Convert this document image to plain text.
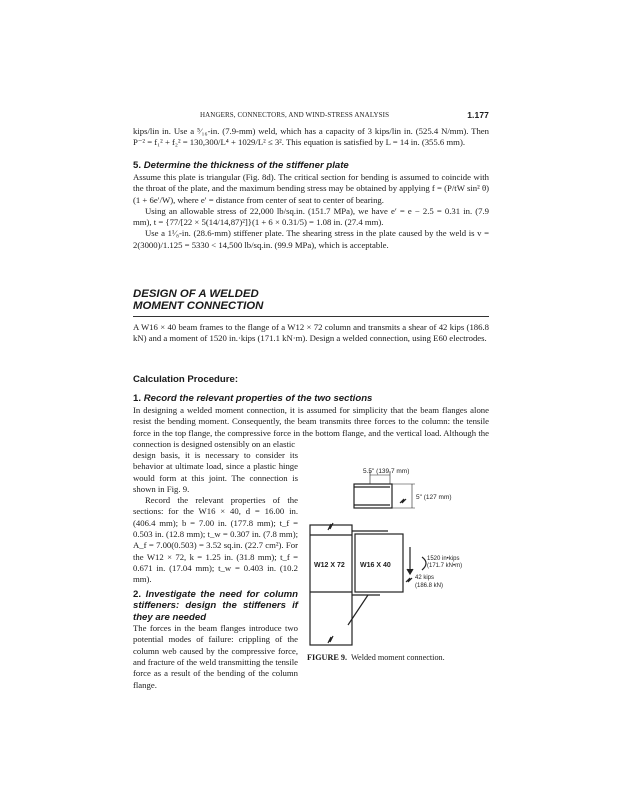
HANGERS, CONNECTORS, AND WIND-STRESS ANALYSIS	1.177
kips/lin in. Use a ⁵⁄₁₆-in. (7.9-mm) weld, which has a capacity of 3 kips/lin in. (525.4 N/mm). Then P⁻² = f₁² + f₂² = 130,300/L⁴ + 1029/L² ≤ 3². This equation is satisfied by L = 14 in. (355.6 mm).
5. Determine the thickness of the stiffener plate

Assume this plate is triangular (Fig. 8d). The critical section for bending is assumed to coincide with the throat of the plate, and the maximum bending stress may be obtained by applying f = (P/tW sin² θ)(1 + 6e′/W), where e′ = distance from center of seat to center of bearing.

Using an allowable stress of 22,000 lb/sq.in. (151.7 MPa), we have e′ = e − 2.5 = 0.31 in. (7.9 mm), t = {77/[22 × 5(14/14,87)²]}(1 + 6 × 0.31/5) = 1.08 in. (27.4 mm).

Use a 1¹⁄₈-in. (28.6-mm) stiffener plate. The shearing stress in the plate caused by the weld is v = 2(3000)/1.125 = 5330 < 14,500 lb/sq.in. (99.9 MPa), which is acceptable.

DESIGN OF A WELDED
MOMENT CONNECTION
A W16 × 40 beam frames to the flange of a W12 × 72 column and transmits a shear of 42 kips (186.8 kN) and a moment of 1520 in.·kips (171.1 kN·m). Design a welded connection, using E60 electrodes.
Calculation Procedure:
1. Record the relevant properties of the two sections
In designing a welded moment connection, it is assumed for simplicity that the beam flanges alone resist the bending moment. Consequently, the beam transmits three forces to the column: the tensile force in the top flange, the compressive force in the bottom flange, and the vertical load. Although the connection is designed ostensibly on an elastic

design basis, it is necessary to consider its behavior at ultimate load, since a plastic hinge would form at this joint. The connection is shown in Fig. 9.

Record the relevant properties of the sections: for the W16 × 40, d = 16.00 in. (406.4 mm); b = 7.00 in. (177.8 mm); t_f = 0.503 in. (12.8 mm); t_w = 0.307 in. (7.8 mm); A_f = 7.00(0.503) = 3.52 sq.in. (22.7 cm²). For the W12 × 72, k = 1.25 in. (31.8 mm); t_f = 0.671 in. (17.04 mm); t_w = 0.403 in. (10.2 mm).

2. Investigate the need for column stiffeners: design the stiffeners if they are needed

The forces in the beam flanges introduce two potential modes of failure: crippling of the column web caused by the compressive force, and fracture of the weld transmitting the tensile force as a result of the bending of the column flange.

5.5" (139.7 mm)
5" (127 mm)
W12 X 72 W16 X 40
1520 in•kips
(171.7 kN•m)
42 kips
(186.8 kN)
FIGURE 9. Welded moment connection.
